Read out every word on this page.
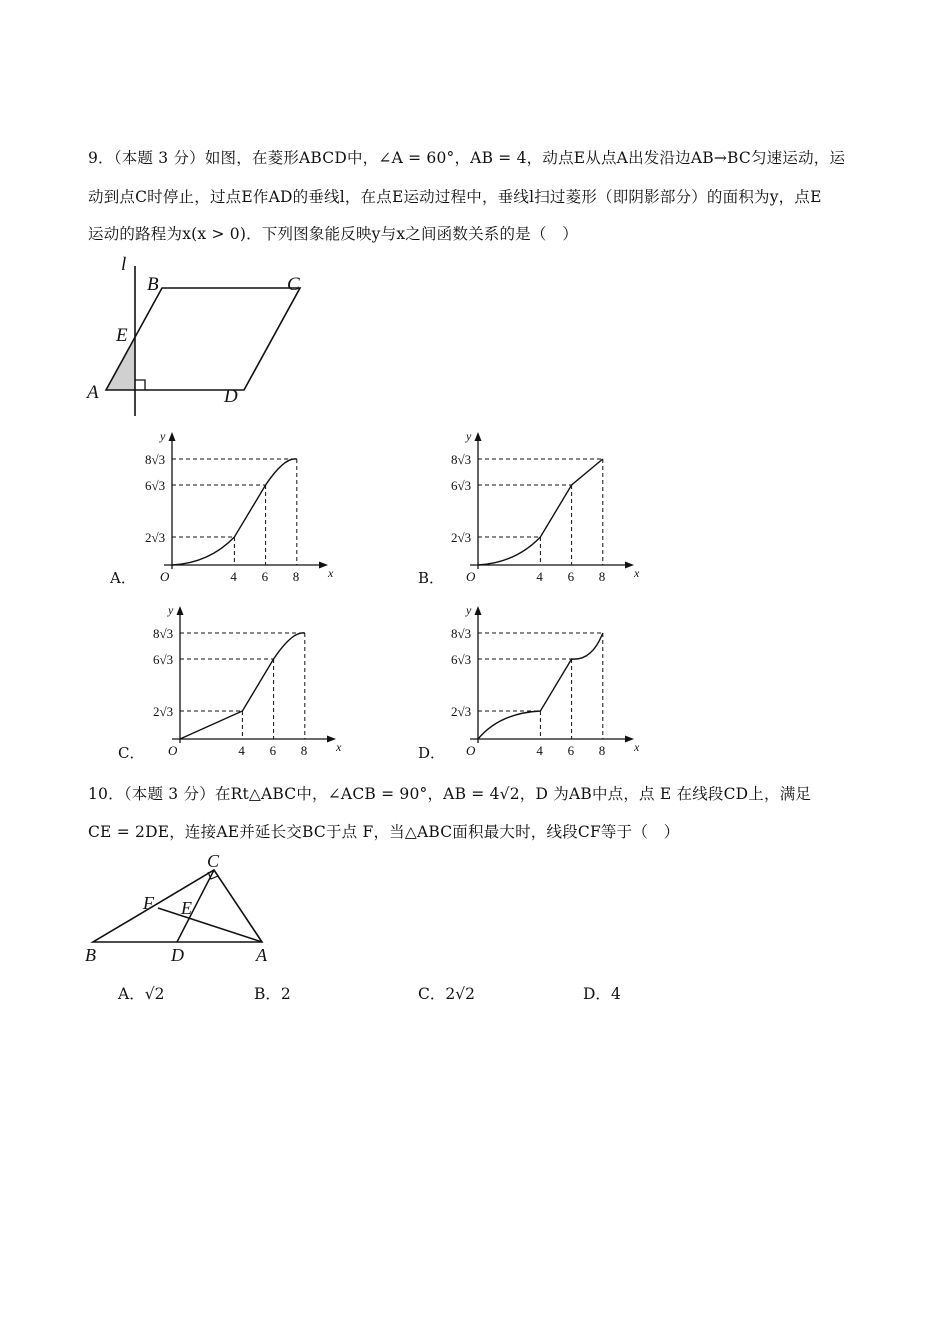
9．（本题 3 分）如图，在菱形ABCD中，∠A = 60°，AB = 4，动点E从点A出发沿边AB→BC匀速运动，运
动到点C时停止，过点E作AD的垂线l，在点E运动过程中，垂线l扫过菱形（即阴影部分）的面积为y，点E
运动的路程为x(x > 0)．下列图象能反映y与x之间函数关系的是（　）
l
B	C
E
A	D
8√3
6√3
2√3
4 6 8
O	x
y
A．
8√3
6√3
2√3
4 6 8
O	x
y
B．
8√3
6√3
2√3
4 6 8
O	x
y
C．
8√3
6√3
2√3
4 6 8
O	x
y
D．
10．（本题 3 分）在Rt△ABC中，∠ACB = 90°，AB = 4√2，D 为AB中点，点 E 在线段CD上，满足
CE = 2DE，连接AE并延长交BC于点 F，当△ABC面积最大时，线段CF等于（　）
C
F E
B	D	A
A．√2	B．2	C．2√2	D．4
